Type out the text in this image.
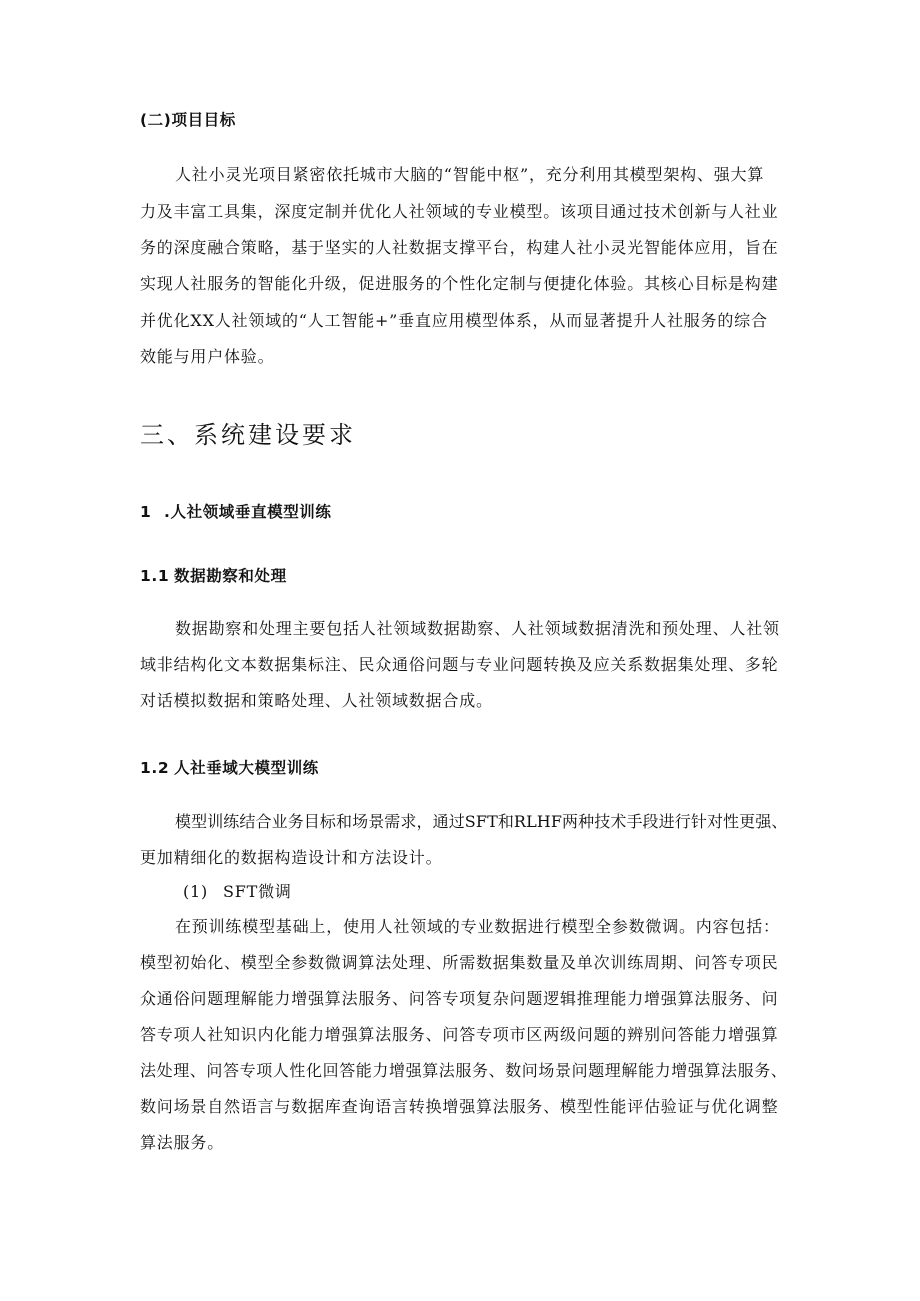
(二)项目目标
人社小灵光项目紧密依托城市大脑的“智能中枢”，充分利用其模型架构、强大算
力及丰富工具集，深度定制并优化人社领域的专业模型。该项目通过技术创新与人社业
务的深度融合策略，基于坚实的人社数据支撑平台，构建人社小灵光智能体应用，旨在
实现人社服务的智能化升级，促进服务的个性化定制与便捷化体验。其核心目标是构建
并优化XX人社领域的“人工智能+”垂直应用模型体系，从而显著提升人社服务的综合
效能与用户体验。
三、系统建设要求
1 .人社领域垂直模型训练
1.1 数据勘察和处理
数据勘察和处理主要包括人社领域数据勘察、人社领域数据清洗和预处理、人社领
域非结构化文本数据集标注、民众通俗问题与专业问题转换及应关系数据集处理、多轮
对话模拟数据和策略处理、人社领域数据合成。
1.2 人社垂域大模型训练
模型训练结合业务目标和场景需求，通过SFT和RLHF两种技术手段进行针对性更强、
更加精细化的数据构造设计和方法设计。
(1) SFT微调
在预训练模型基础上，使用人社领域的专业数据进行模型全参数微调。内容包括：
模型初始化、模型全参数微调算法处理、所需数据集数量及单次训练周期、问答专项民
众通俗问题理解能力增强算法服务、问答专项复杂问题逻辑推理能力增强算法服务、问
答专项人社知识内化能力增强算法服务、问答专项市区两级问题的辨别问答能力增强算
法处理、问答专项人性化回答能力增强算法服务、数问场景问题理解能力增强算法服务、
数问场景自然语言与数据库查询语言转换增强算法服务、模型性能评估验证与优化调整
算法服务。
